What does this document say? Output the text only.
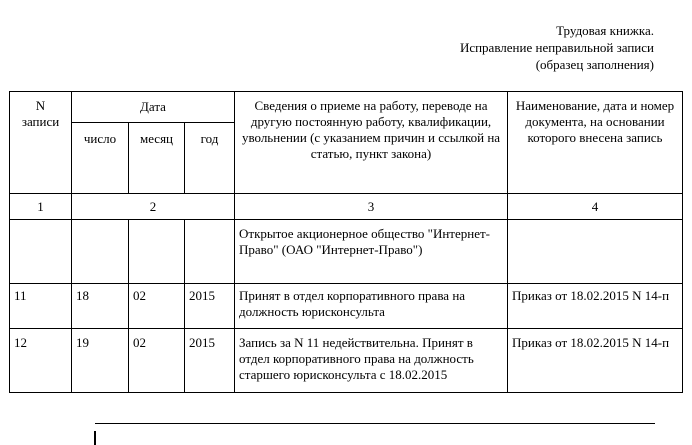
Трудовая книжка.
Исправление неправильной записи
(образец заполнения)
N
записи	Дата			Сведения о приеме на работу, переводе на другую постоянную работу, квалификации, увольнении (с указанием причин и ссылкой на статью, пункт закона)	Наименование, дата и номер документа, на основании которого внесена запись
	число	месяц	год		
1	2			3	4
				Открытое акционерное общество "Интернет-Право" (ОАО "Интернет-Право")	
11	18	02	2015	Принят в отдел корпоративного права на должность юрисконсульта	Приказ от 18.02.2015 N 14-п
12	19	02	2015	Запись за N 11 недействительна. Принят в отдел корпоративного права на должность старшего юрисконсульта с 18.02.2015	Приказ от 18.02.2015 N 14-п
